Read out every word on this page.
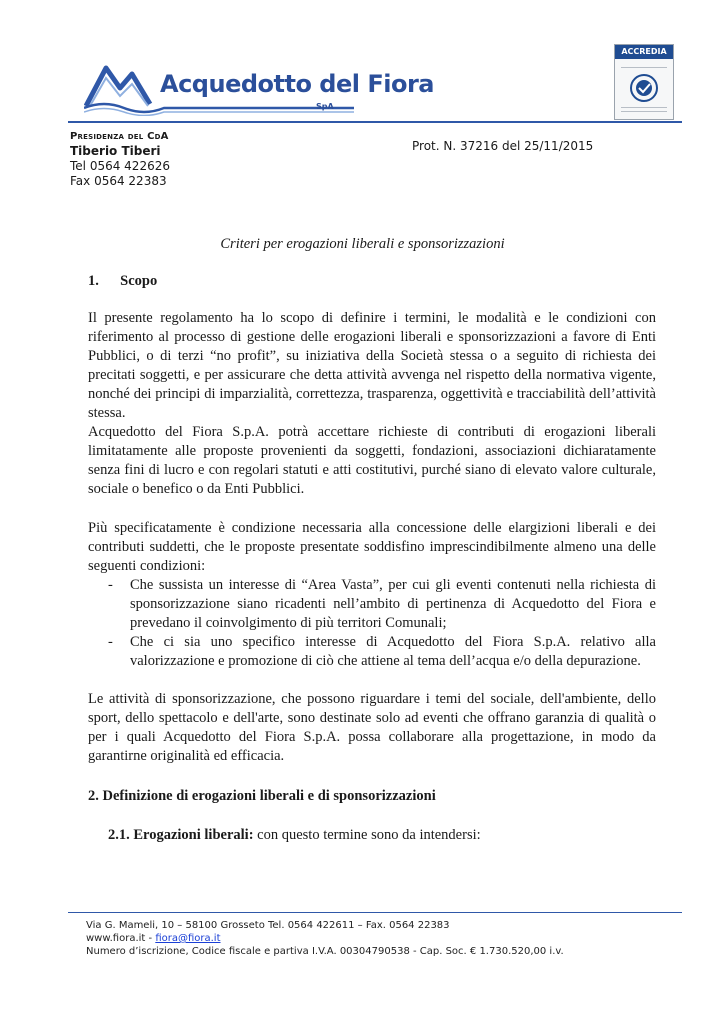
Acquedotto del Fiora
SpA
ACCREDIA
Presidenza del CdA
Tiberio Tiberi
Tel 0564 422626
Fax 0564 22383
Prot. N. 37216 del 25/11/2015
Criteri per erogazioni liberali e sponsorizzazioni
1. Scopo
Il presente regolamento ha lo scopo di definire i termini, le modalità e le condizioni con riferimento al processo di gestione delle erogazioni liberali e sponsorizzazioni a favore di Enti Pubblici, o di terzi “no profit”, su iniziativa della Società stessa o a seguito di richiesta dei precitati soggetti, e per assicurare che detta attività avvenga nel rispetto della normativa vigente, nonché dei principi di imparzialità, correttezza, trasparenza, oggettività e tracciabilità dell’attività stessa.
Acquedotto del Fiora S.p.A. potrà accettare richieste di contributi di erogazioni liberali limitatamente alle proposte provenienti da soggetti, fondazioni, associazioni dichiaratamente senza fini di lucro e con regolari statuti e atti costitutivi, purché siano di elevato valore culturale, sociale o benefico o da Enti Pubblici.
Più specificatamente è condizione necessaria alla concessione delle elargizioni liberali e dei contributi suddetti, che le proposte presentate soddisfino imprescindibilmente almeno una delle seguenti condizioni:
- Che sussista un interesse di “Area Vasta”, per cui gli eventi contenuti nella richiesta di sponsorizzazione siano ricadenti nell’ambito di pertinenza di Acquedotto del Fiora e prevedano il coinvolgimento di più territori Comunali;
- Che ci sia uno specifico interesse di Acquedotto del Fiora S.p.A. relativo alla valorizzazione e promozione di ciò che attiene al tema dell’acqua e/o della depurazione.
Le attività di sponsorizzazione, che possono riguardare i temi del sociale, dell'ambiente, dello sport, dello spettacolo e dell'arte, sono destinate solo ad eventi che offrano garanzia di qualità o per i quali Acquedotto del Fiora S.p.A. possa collaborare alla progettazione, in modo da garantirne originalità ed efficacia.
2. Definizione di erogazioni liberali e di sponsorizzazioni
2.1. Erogazioni liberali: con questo termine sono da intendersi:
Via G. Mameli, 10 – 58100 Grosseto Tel. 0564 422611 – Fax. 0564 22383
www.fiora.it - fiora@fiora.it
Numero d’iscrizione, Codice fiscale e partiva I.V.A. 00304790538 - Cap. Soc. € 1.730.520,00 i.v.
